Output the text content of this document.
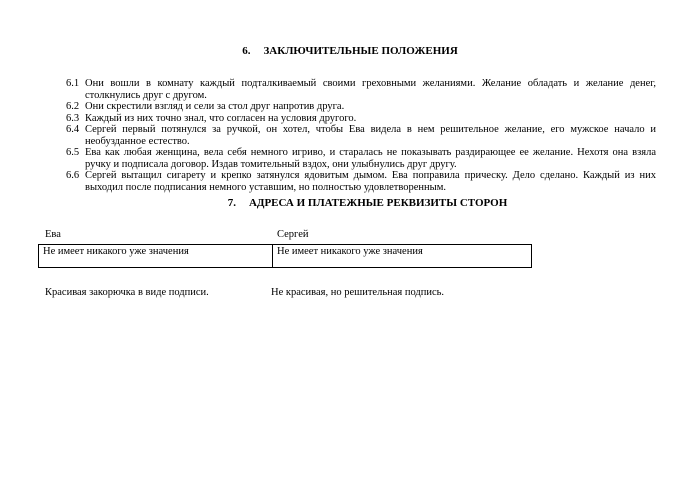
6. ЗАКЛЮЧИТЕЛЬНЫЕ ПОЛОЖЕНИЯ

6.1 Они вошли в комнату каждый подталкиваемый своими греховными желаниями. Желание обладать и желание денег, столкнулись друг с другом.

6.2 Они скрестили взгляд и сели за стол друг напротив друга.

6.3 Каждый из них точно знал, что согласен на условия другого.

6.4 Сергей первый потянулся за ручкой, он хотел, чтобы Ева видела в нем решительное желание, его мужское начало и необузданное естество.

6.5 Ева как любая женщина, вела себя немного игриво, и старалась не показывать раздирающее ее желание. Нехотя она взяла ручку и подписала договор. Издав томительный вздох, они улыбнулись друг другу.

6.6 Сергей вытащил сигарету и крепко затянулся ядовитым дымом. Ева поправила прическу. Дело сделано. Каждый из них выходил после подписания немного уставшим, но полностью удовлетворенным.

7. АДРЕСА И ПЛАТЕЖНЫЕ РЕКВИЗИТЫ СТОРОН
Ева	Сергей
Не имеет никакого уже значения	Не имеет никакого уже значения
Красивая закорючка в виде подписи.	Не красивая, но решительная подпись.
